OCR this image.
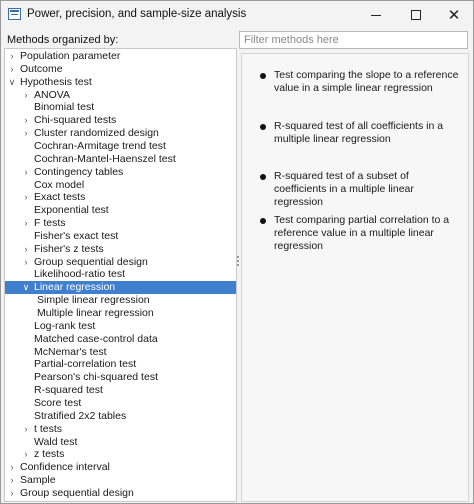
Power, precision, and sample-size analysis	✕
Methods organized by:
Filter methods here
› Population parameter
› Outcome
∨ Hypothesis test
› ANOVA
Binomial test
› Chi-squared tests
› Cluster randomized design
Cochran-Armitage trend test
Cochran-Mantel-Haenszel test
› Contingency tables
Cox model
› Exact tests
Exponential test
› F tests
Fisher's exact test
› Fisher's z tests
› Group sequential design
Likelihood-ratio test
∨ Linear regression
Simple linear regression
Multiple linear regression
Log-rank test
Matched case-control data
McNemar's test
Partial-correlation test
Pearson's chi-squared test
R-squared test
Score test
Stratified 2x2 tables
› t tests
Wald test
› z tests
› Confidence interval
› Sample
› Group sequential design
Test comparing the slope to a reference value in a simple linear regression
R-squared test of all coefficients in a multiple linear regression
R-squared test of a subset of coefficients in a multiple linear regression
Test comparing partial correlation to a reference value in a multiple linear regression
